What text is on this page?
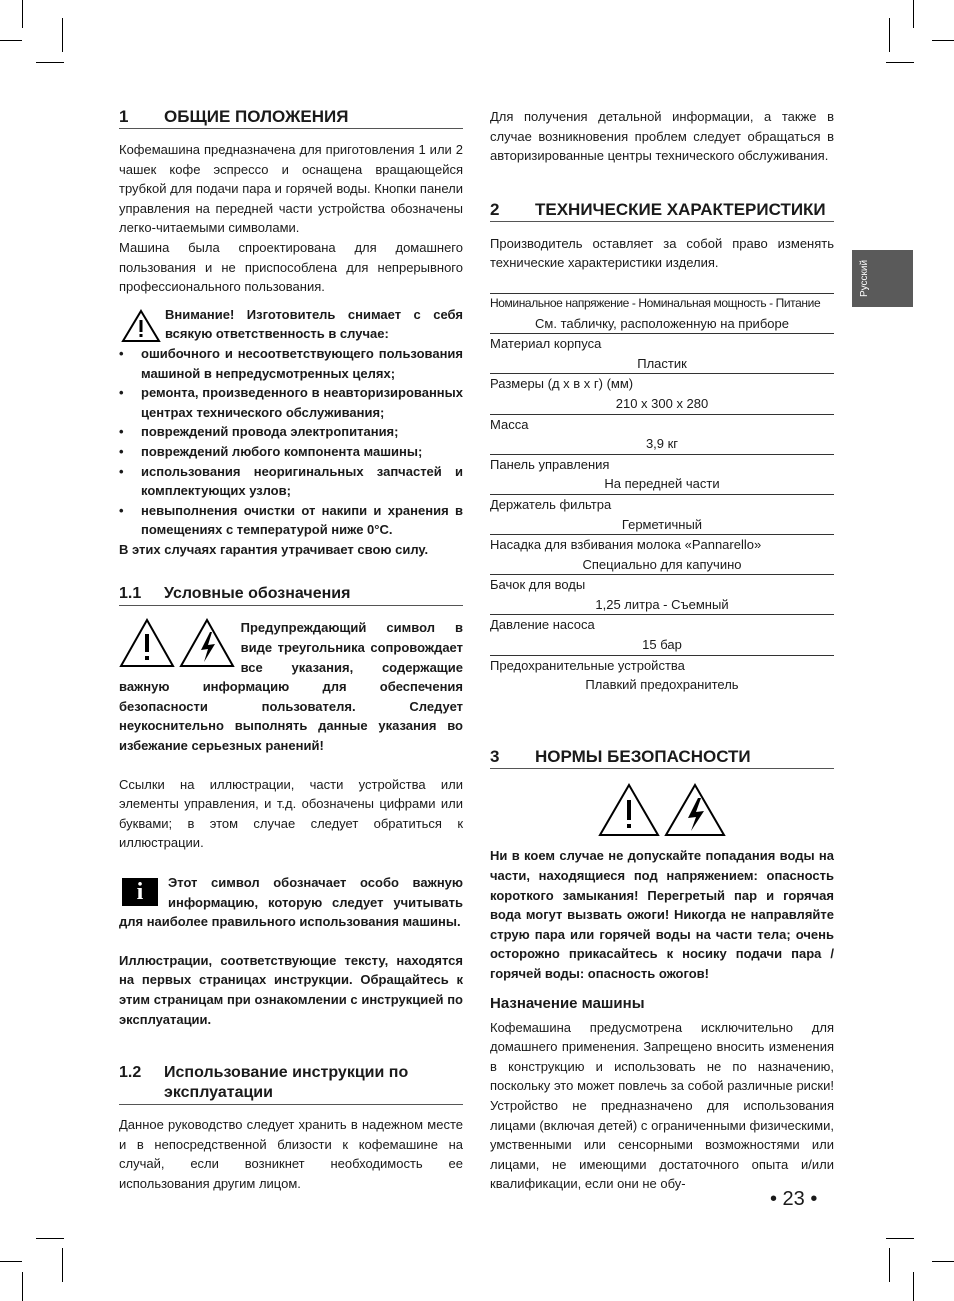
Русский
1	ОБЩИЕ ПОЛОЖЕНИЯ

Кофемашина предназначена для приготовления 1 или 2 чашек кофе эспрессо и оснащена вращающейся трубкой для подачи пара и горячей воды. Кнопки панели управления на передней части устройства обозначены легко-читаемыми символами.

Машина была спроектирована для домашнего пользования и не приспособлена для непрерывного профессионального пользования.

Внимание! Изготовитель снимает с себя всякую ответственность в случае:

• ошибочного и несоответствующего пользования машиной в непредусмотренных целях;
• ремонта, произведенного в неавторизированных центрах технического обслуживания;
• повреждений провода электропитания;
• повреждений любого компонента машины;
• использования неоригинальных запчастей и комплектующих узлов;
• невыполнения очистки от накипи и хранения в помещениях с температурой ниже 0°C.

В этих случаях гарантия утрачивает свою силу.

1.1	Условные обозначения

Предупреждающий символ в виде треугольника сопровождает все указания, содержащие важную информацию для обеспечения безопасности пользователя. Следует неукоснительно выполнять данные указания во избежание серьезных ранений!

Ссылки на иллюстрации, части устройства или элементы управления, и т.д. обозначены цифрами или буквами; в этом случае следует обратиться к иллюстрации.

i	Этот символ обозначает особо важную информацию, которую следует учитывать для наиболее правильного использования машины.

Иллюстрации, соответствующие тексту, находятся на первых страницах инструкции. Обращайтесь к этим страницам при ознакомлении с инструкцией по эксплуатации.

1.2	Использование инструкции по эксплуатации

Данное руководство следует хранить в надежном месте и в непосредственной близости к кофемашине на случай, если возникнет необходимость ее использования другим лицом.

Для получения детальной информации, а также в случае возникновения проблем следует обращаться в авторизированные центры технического обслуживания.

2	ТЕХНИЧЕСКИЕ ХАРАКТЕРИСТИКИ

Производитель оставляет за собой право изменять технические характеристики изделия.

Номинальное напряжение - Номинальная мощность - Питание
См. табличку, расположенную на приборе
Материал корпуса
Пластик
Размеры (д х в х г) (мм)
210 х 300 х 280
Масса
3,9 кг
Панель управления
На передней части
Держатель фильтра
Герметичный
Насадка для взбивания молока «Pannarello»
Специально для капучино
Бачок для воды
1,25 литра - Съемный
Давление насоса
15 бар
Предохранительные устройства
Плавкий предохранитель
3	НОРМЫ БЕЗОПАСНОСТИ

Ни в коем случае не допускайте попадания воды на части, находящиеся под напряжением: опасность короткого замыкания! Перегретый пар и горячая вода могут вызвать ожоги! Никогда не направляйте струю пара или горячей воды на части тела; очень осторожно прикасайтесь к носику подачи пара / горячей воды: опасность ожогов!

Назначение машины

Кофемашина предусмотрена исключительно для домашнего применения. Запрещено вносить изменения в конструкцию и использовать не по назначению, поскольку это может повлечь за собой различные риски! Устройство не предназначено для использования лицами (включая детей) с ограниченными физическими, умственными или сенсорными возможностями или лицами, не имеющими достаточного опыта и/или квалификации, если они не обу-

• 23 •
